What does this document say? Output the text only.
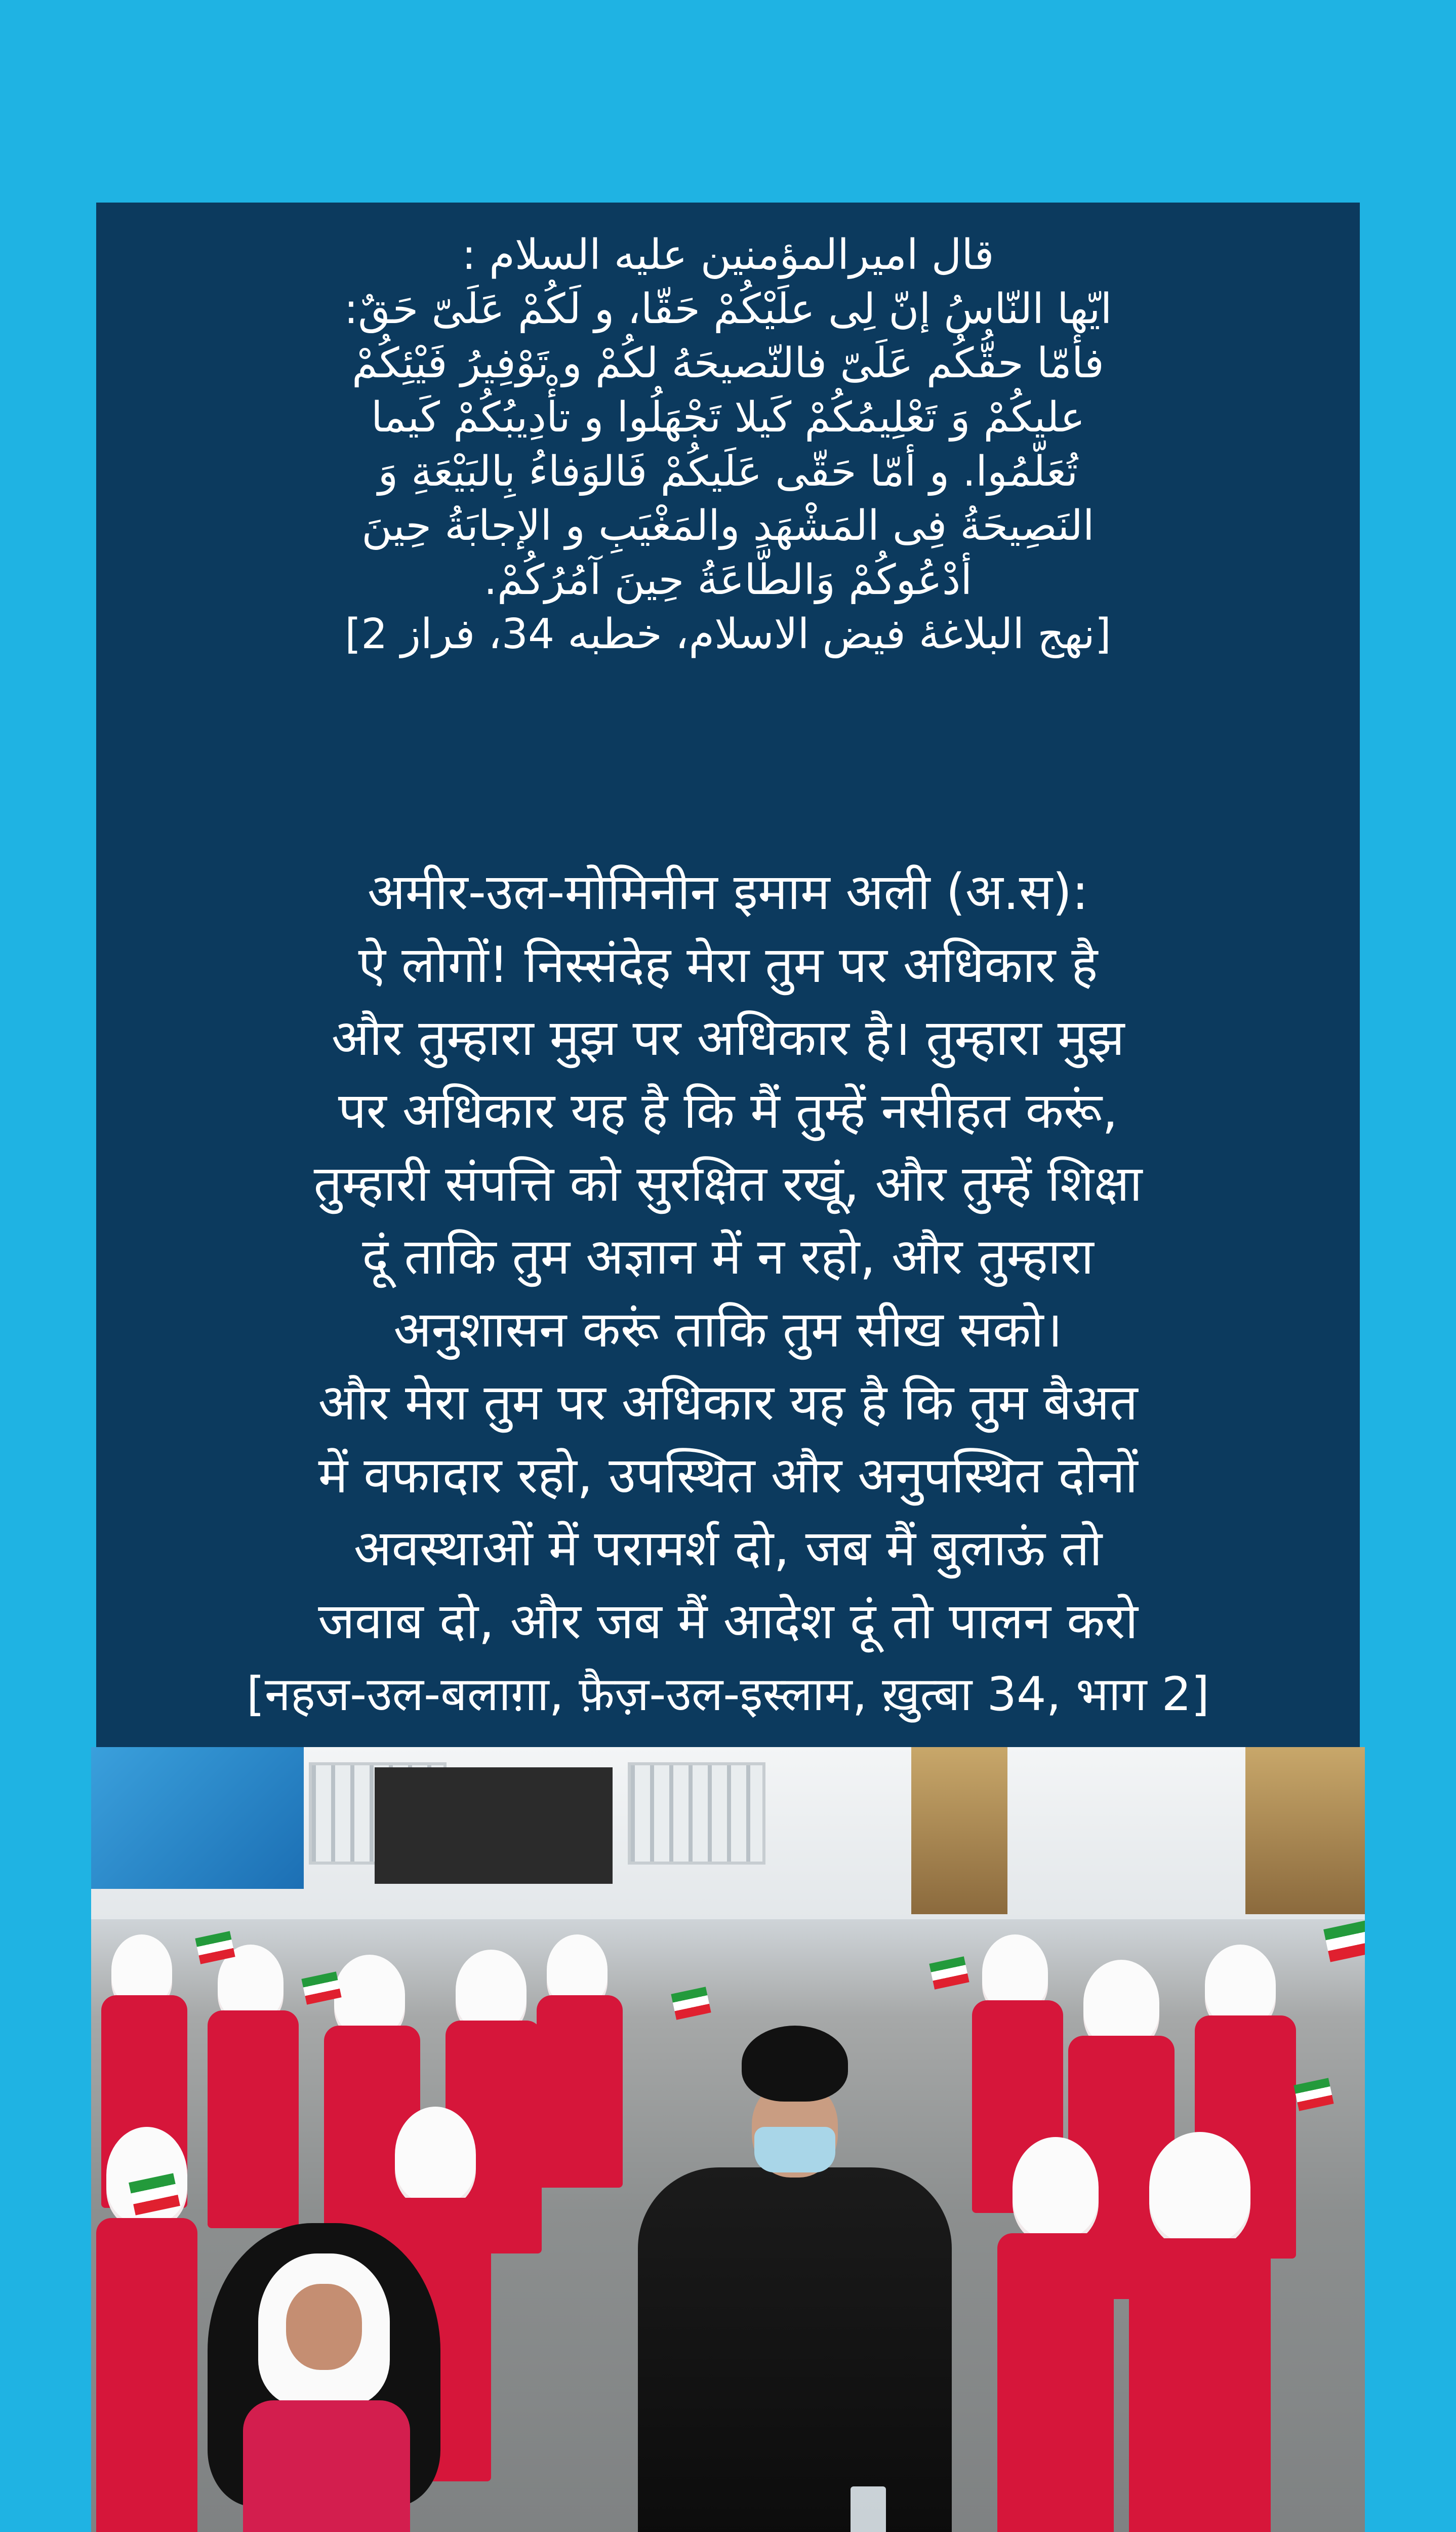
قال امیرالمؤمنین علیه السلام :
ایّها النّاسُ إنّ لِی علَیْکُمْ حَقّا، و لَکُمْ عَلَیّ حَقٌ:
فأمّا حقُّکُم عَلَیّ فالنّصیحَهُ لکُمْ و تَوْفِیرُ فَیْئِکُمْ
علیکُمْ وَ تَعْلِیمُکُمْ کَیلا تَجْهَلُوا و تأْدِیبُکُمْ کَیما
تُعَلّمُوا. و أمّا حَقّی عَلَیکُمْ فَالوَفاءُ بِالبَیْعَةِ وَ
النَصِیحَةُ فِی المَشْهَدِ والمَغْیَبِ و الإجابَةُ حِینَ
أدْعُوکُمْ وَالطّاعَةُ حِینَ آمُرُکُمْ.
[نهج البلاغهٔ فیض الاسلام، خطبه 34، فراز 2]
अमीर-उल-मोमिनीन इमाम अली (अ.स):
ऐ लोगों! निस्संदेह मेरा तुम पर अधिकार है
और तुम्हारा मुझ पर अधिकार है। तुम्हारा मुझ
पर अधिकार यह है कि मैं तुम्हें नसीहत करूं,
तुम्हारी संपत्ति को सुरक्षित रखूं, और तुम्हें शिक्षा
दूं ताकि तुम अज्ञान में न रहो, और तुम्हारा
अनुशासन करूं ताकि तुम सीख सको।
और मेरा तुम पर अधिकार यह है कि तुम बैअत
में वफादार रहो, उपस्थित और अनुपस्थित दोनों
अवस्थाओं में परामर्श दो, जब मैं बुलाऊं तो
जवाब दो, और जब मैं आदेश दूं तो पालन करो
[नहज-उल-बलाग़ा, फ़ैज़-उल-इस्लाम, ख़ुत्बा 34, भाग 2]
